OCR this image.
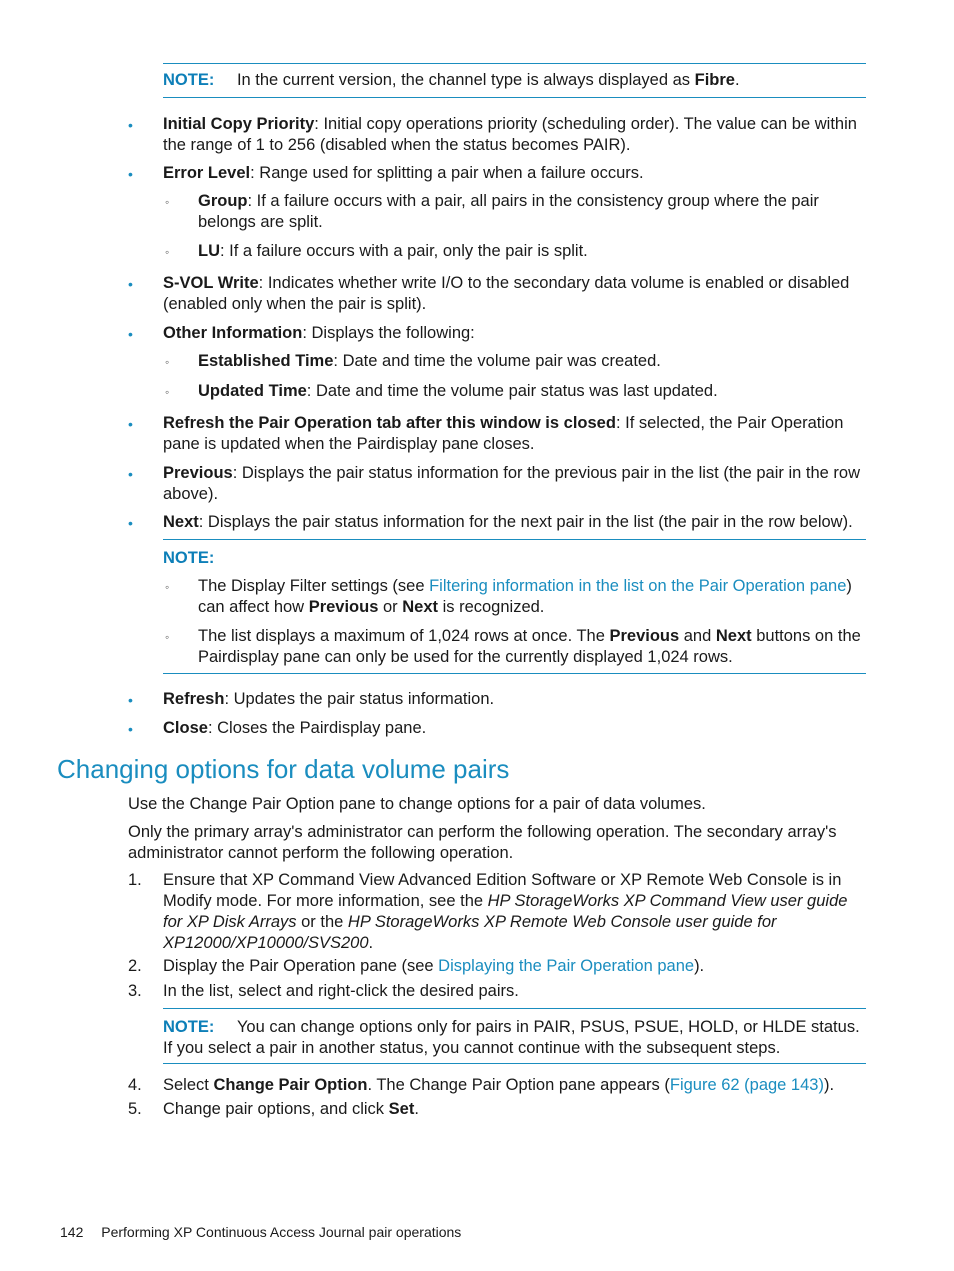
NOTE: In the current version, the channel type is always displayed as Fibre.
• Initial Copy Priority: Initial copy operations priority (scheduling order). The value can be within the range of 1 to 256 (disabled when the status becomes PAIR).
• Error Level: Range used for splitting a pair when a failure occurs.
◦ Group: If a failure occurs with a pair, all pairs in the consistency group where the pair belongs are split.
◦ LU: If a failure occurs with a pair, only the pair is split.
• S-VOL Write: Indicates whether write I/O to the secondary data volume is enabled or disabled (enabled only when the pair is split).
• Other Information: Displays the following:
◦ Established Time: Date and time the volume pair was created.
◦ Updated Time: Date and time the volume pair status was last updated.
• Refresh the Pair Operation tab after this window is closed: If selected, the Pair Operation pane is updated when the Pairdisplay pane closes.
• Previous: Displays the pair status information for the previous pair in the list (the pair in the row above).
• Next: Displays the pair status information for the next pair in the list (the pair in the row below).
NOTE:
◦ The Display Filter settings (see Filtering information in the list on the Pair Operation pane) can affect how Previous or Next is recognized.
◦ The list displays a maximum of 1,024 rows at once. The Previous and Next buttons on the Pairdisplay pane can only be used for the currently displayed 1,024 rows.
• Refresh: Updates the pair status information.
• Close: Closes the Pairdisplay pane.
Changing options for data volume pairs
Use the Change Pair Option pane to change options for a pair of data volumes.
Only the primary array's administrator can perform the following operation. The secondary array's administrator cannot perform the following operation.
1. Ensure that XP Command View Advanced Edition Software or XP Remote Web Console is in Modify mode. For more information, see the HP StorageWorks XP Command View user guide for XP Disk Arrays or the HP StorageWorks XP Remote Web Console user guide for XP12000/XP10000/SVS200.
2. Display the Pair Operation pane (see Displaying the Pair Operation pane).
3. In the list, select and right-click the desired pairs.
NOTE: You can change options only for pairs in PAIR, PSUS, PSUE, HOLD, or HLDE status. If you select a pair in another status, you cannot continue with the subsequent steps.
4. Select Change Pair Option. The Change Pair Option pane appears (Figure 62 (page 143)).
5. Change pair options, and click Set.
142 Performing XP Continuous Access Journal pair operations
